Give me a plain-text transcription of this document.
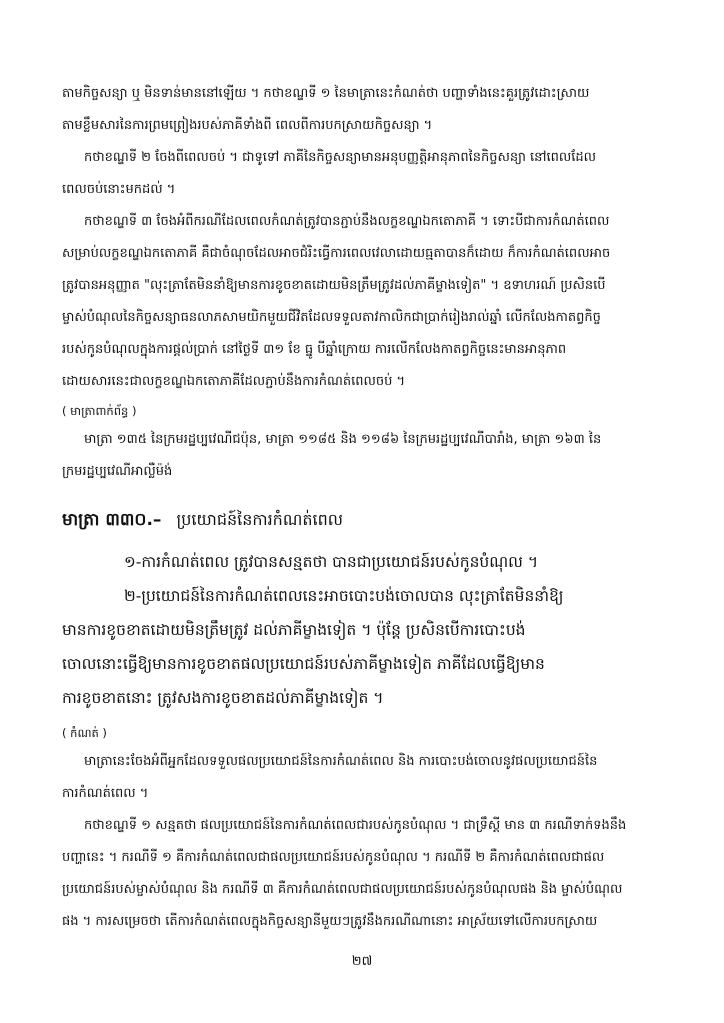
តាមកិច្ចសន្យា ឬ មិនទាន់មាននៅឡើយ ។ កថាខណ្ឌទី ១ នៃមាត្រានេះកំណត់ថា បញ្ហាទាំងនេះគួរត្រូវដោះស្រាយ
តាមខ្លឹមសារនៃការព្រមព្រៀងរបស់ភាគីទាំងពី ពេលពីការបកស្រាយកិច្ចសន្យា ។
កថាខណ្ឌទី ២ ចែងពីពេលចប់ ។ ជាទូទៅ ភាគីនៃកិច្ចសន្យាមានអនុបញ្ញត្តិអានុភាពនៃកិច្ចសន្យា នៅពេលដែល
ពេលចប់នោះមកដល់ ។
កថាខណ្ឌទី ៣ ចែងអំពីករណីដែលពេលកំណត់ត្រូវបានភ្ជាប់នឹងលក្ខខណ្ឌឯកតោភាគី ។ ទោះបីជាការកំណត់ពេល
សម្រាប់លក្ខខណ្ឌឯកតោភាគី គឺជាចំណុចដែលអាចជំរិះធ្វើការពេលវេលាដោយធ្មតាបានក៏ដោយ ក៏ការកំណត់ពេលអាច
ត្រូវបានអនុញ្ញាត "លុះត្រាតែមិននាំឱ្យមានការខូចខាតដោយមិនត្រឹមត្រូវដល់ភាគីម្ខាងទៀត" ។ ឧទាហរណ៍ ប្រសិនបើ
ម្ចាស់បំណុលនៃកិច្ចសន្យាធនលាភសាមយិកមួយជីវិតដែលទទួលតាវកាលិកជាប្រាក់រៀងរាល់ឆ្នាំ លើកលែងកាតព្វកិច្ច
របស់កូនបំណុលក្នុងការផ្តល់ប្រាក់ នៅថ្ងៃទី ៣១ ខែ ធ្នូ បីឆ្នាំក្រោយ ការលើកលែងកាតព្វកិច្ចនេះមានអានុភាព
ដោយសារនេះជាលក្ខខណ្ឌឯកតោភាគីដែលភ្ជាប់នឹងការកំណត់ពេលចប់ ។
( មាត្រាពាក់ព័ន្ធ )
មាត្រា ១៣៥ នៃក្រមរដ្ឋប្បវេណីជប៉ុន, មាត្រា ១១៨៥ និង ១១៨៦ នៃក្រមរដ្ឋប្បវេណីបារាំង, មាត្រា ១៦៣ នៃ
ក្រមរដ្ឋប្បវេណីអាល្លឺម៉ង់
មាត្រា ៣៣០.– ប្រយោជន៍នៃការកំណត់ពេល
១-ការកំណត់ពេល ត្រូវបានសន្មតថា បានជាប្រយោជន៍របស់កូនបំណុល ។
២-ប្រយោជន៍នៃការកំណត់ពេលនេះអាចបោះបង់ចោលបាន លុះត្រាតែមិននាំឱ្យ
មានការខូចខាតដោយមិនត្រឹមត្រូវ ដល់ភាគីម្ខាងទៀត ។ ប៉ុន្តែ ប្រសិនបើការបោះបង់
ចោលនោះធ្វើឱ្យមានការខូចខាតផលប្រយោជន៍របស់ភាគីម្ខាងទៀត ភាគីដែលធ្វើឱ្យមាន
ការខូចខាតនោះ ត្រូវសងការខូចខាតដល់ភាគីម្ខាងទៀត ។
( កំណត់ )
មាត្រានេះចែងអំពីអ្នកដែលទទួលផលប្រយោជន៍នៃការកំណត់ពេល និង ការបោះបង់ចោលនូវផលប្រយោជន៍នៃ
ការកំណត់ពេល ។
កថាខណ្ឌទី ១ សន្មតថា ផលប្រយោជន៍នៃការកំណត់ពេលជារបស់កូនបំណុល ។ ជាទ្រឹស្តី មាន ៣ ករណីទាក់ទងនឹង
បញ្ហានេះ ។ ករណីទី ១ គឺការកំណត់ពេលជាផលប្រយោជន៍របស់កូនបំណុល ។ ករណីទី ២ គឺការកំណត់ពេលជាផល
ប្រយោជន៍របស់ម្ចាស់បំណុល និង ករណីទី ៣ គឺការកំណត់ពេលជាផលប្រយោជន៍របស់កូនបំណុលផង និង ម្ចាស់បំណុល
ផង ។ ការសម្រេចថា តើការកំណត់ពេលក្នុងកិច្ចសន្យានីមួយៗត្រូវនឹងករណីណានោះ អាស្រ័យទៅលើការបកស្រាយ
២៧
